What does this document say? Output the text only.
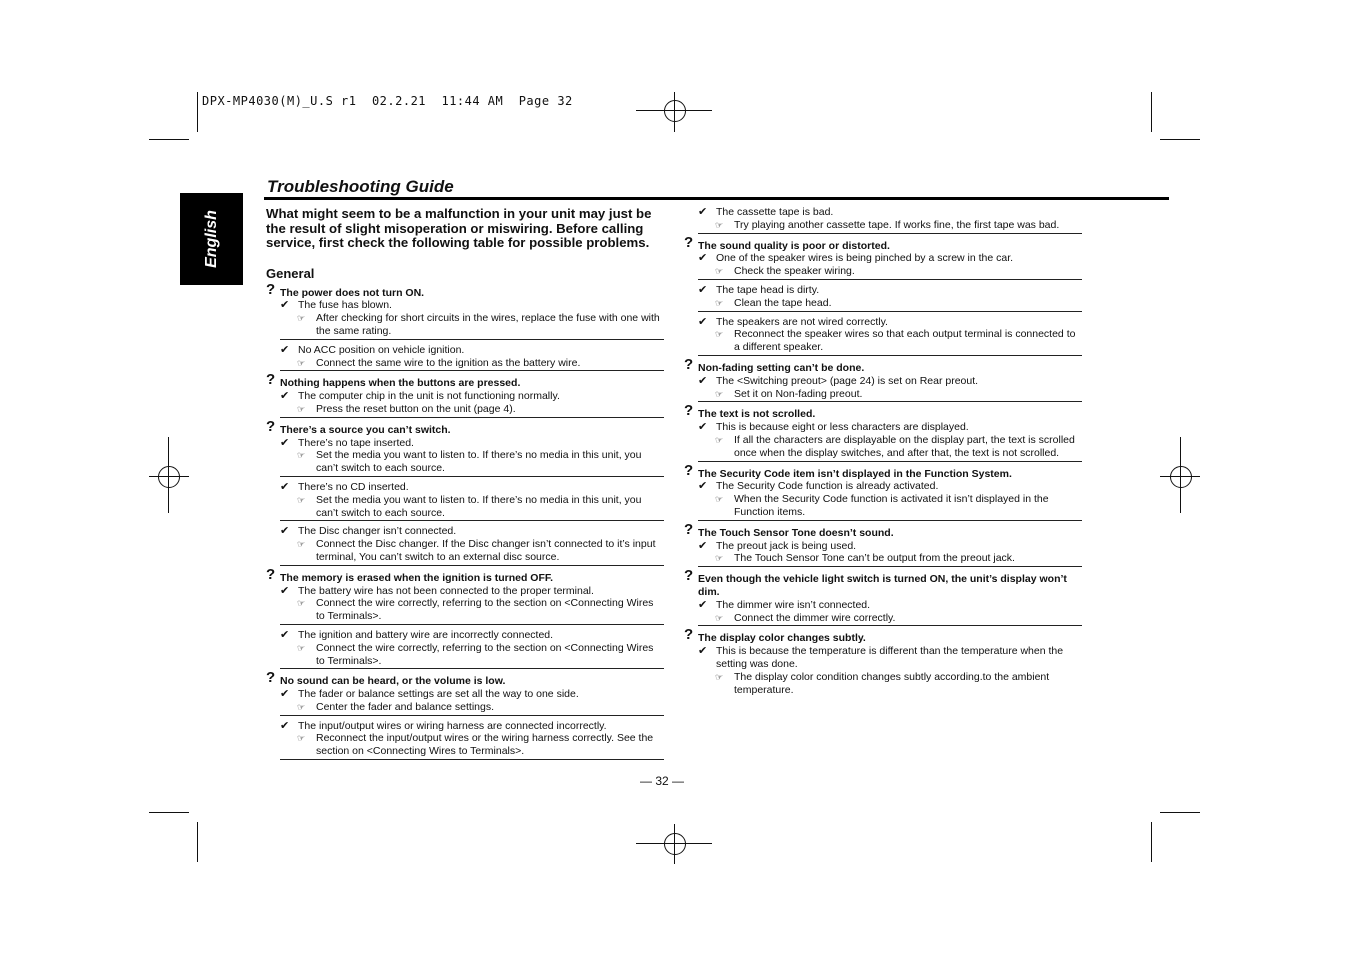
DPX-MP4030(M)_U.S r1  02.2.21  11:44 AM  Page 32
English
Troubleshooting Guide
What might seem to be a malfunction in your unit may just be the result of slight misoperation or miswiring. Before calling service, first check the following table for possible problems.
General
? The power does not turn ON.
✔ The fuse has blown.
☞ After checking for short circuits in the wires, replace the fuse with one with the same rating.
✔ No ACC position on vehicle ignition.
☞ Connect the same wire to the ignition as the battery wire.
? Nothing happens when the buttons are pressed.
✔ The computer chip in the unit is not functioning normally.
☞ Press the reset button on the unit (page 4).
? There’s a source you can’t switch.
✔ There’s no tape inserted.
☞ Set the media you want to listen to. If there’s no media in this unit, you can’t switch to each source.
✔ There’s no CD inserted.
☞ Set the media you want to listen to. If there’s no media in this unit, you can’t switch to each source.
✔ The Disc changer isn’t connected.
☞ Connect the Disc changer. If the Disc changer isn’t connected to it’s input terminal, You can’t switch to an external disc source.
? The memory is erased when the ignition is turned OFF.
✔ The battery wire has not been connected to the proper terminal.
☞ Connect the wire correctly, referring to the section on <Connecting Wires to Terminals>.
✔ The ignition and battery wire are incorrectly connected.
☞ Connect the wire correctly, referring to the section on <Connecting Wires to Terminals>.
? No sound can be heard, or the volume is low.
✔ The fader or balance settings are set all the way to one side.
☞ Center the fader and balance settings.
✔ The input/output wires or wiring harness are connected incorrectly.
☞ Reconnect the input/output wires or the wiring harness correctly. See the section on <Connecting Wires to Terminals>.
✔ The cassette tape is bad.
☞ Try playing another cassette tape. If works fine, the first tape was bad.
? The sound quality is poor or distorted.
✔ One of the speaker wires is being pinched by a screw in the car.
☞ Check the speaker wiring.
✔ The tape head is dirty.
☞ Clean the tape head.
✔ The speakers are not wired correctly.
☞ Reconnect the speaker wires so that each output terminal is connected to a different speaker.
? Non-fading setting can’t be done.
✔ The <Switching preout> (page 24) is set on Rear preout.
☞ Set it on Non-fading preout.
? The text is not scrolled.
✔ This is because eight or less characters are displayed.
☞ If all the characters are displayable on the display part, the text is scrolled once when the display switches, and after that, the text is not scrolled.
? The Security Code item isn’t displayed in the Function System.
✔ The Security Code function is already activated.
☞ When the Security Code function is activated it isn’t displayed in the Function items.
? The Touch Sensor Tone doesn’t sound.
✔ The preout jack is being used.
☞ The Touch Sensor Tone can’t be output from the preout jack.
? Even though the vehicle light switch is turned ON, the unit’s display won’t dim.
✔ The dimmer wire isn’t connected.
☞ Connect the dimmer wire correctly.
? The display color changes subtly.
✔ This is because the temperature is different than the temperature when the setting was done.
☞ The display color condition changes subtly according.to the ambient temperature.
— 32 —
